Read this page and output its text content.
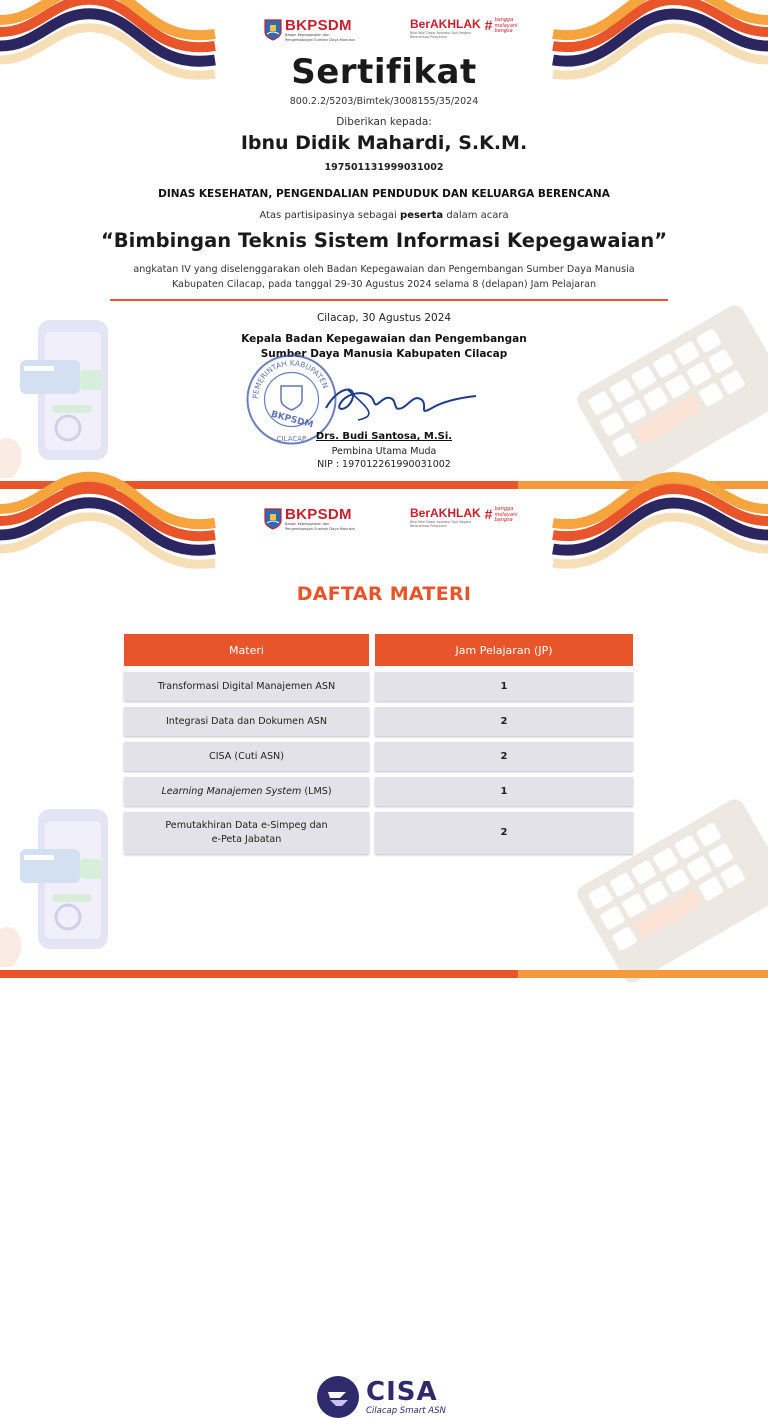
BKPSDM
Badan Kepegawaian dan Pengembangan Sumber Daya Manusia
BerAKHLAK
Nilai-Nilai Dasar Aparatur Sipil Negara Berorientasi Pelayanan
# bangga
melayani
bangsa
Sertifikat
800.2.2/5203/Bimtek/3008155/35/2024
Diberikan kepada:
Ibnu Didik Mahardi, S.K.M.
197501131999031002
DINAS KESEHATAN, PENGENDALIAN PENDUDUK DAN KELUARGA BERENCANA
Atas partisipasinya sebagai peserta dalam acara
“Bimbingan Teknis Sistem Informasi Kepegawaian”
angkatan IV yang diselenggarakan oleh Badan Kepegawaian dan Pengembangan Sumber Daya Manusia
Kabupaten Cilacap, pada tanggal 29-30 Agustus 2024 selama 8 (delapan) Jam Pelajaran
Cilacap, 30 Agustus 2024
Kepala Badan Kepegawaian dan Pengembangan
Sumber Daya Manusia Kabupaten Cilacap
PEMERINTAH KABUPATEN
BKPSDM
CILACAP Drs. Budi Santosa, M.Si.
Pembina Utama Muda
NIP : 197012261990031002
BKPSDM
Badan Kepegawaian dan Pengembangan Sumber Daya Manusia
BerAKHLAK
Nilai-Nilai Dasar Aparatur Sipil Negara Berorientasi Pelayanan
# bangga
melayani
bangsa
DAFTAR MATERI
Materi	Jam Pelajaran (JP)
Transformasi Digital Manajemen ASN	1
Integrasi Data dan Dokumen ASN	2
CISA (Cuti ASN)	2
Learning Manajemen System (LMS)	1

Pemutakhiran Data e-Simpeg dan
e-Peta Jabatan	2
CISA
Cilacap Smart ASN
